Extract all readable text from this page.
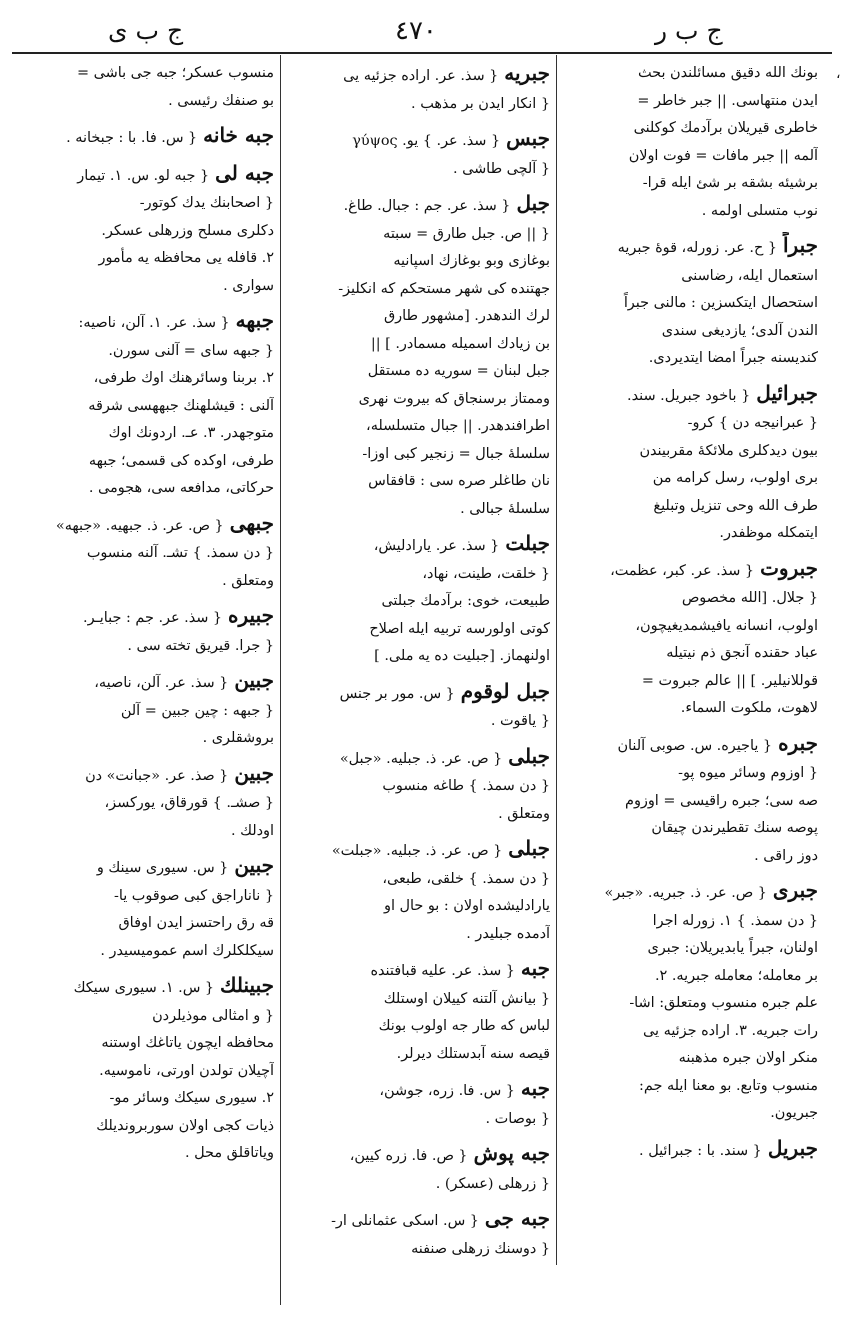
ج ب ى	٤٧٠	ج ب ر
،
بونك الله دقيق مسائلندن بحث
ايدن منتهاسى. || جبر خاطر =
خاطرى قيريلان برآدمك كوكلنى
آلمه || جبر مافات = فوت اولان
برشيئه بشقه بر شئ ايله قرا-
نوب متسلى اولمه .
جبراً{ ح. عر. زورله، قوهٔ جبريه
استعمال ايله، رضاسنى
استحصال ايتكسزين : مالنى جبراً
الندن آلدى؛ يازديغى سندى
كنديسنه جبراً امضا ايتديردى.
جبرائيل{ باخود جبريل. سند.
{ عبرانيجه دن } كرو-
بيون ديدكلرى ملائكهٔ مقربيندن
برى اولوب، رسل كرامه من
طرف الله وحى تنزيل وتبليغ
ايتمكله موظفدر.
جبروت{ سذ. عر. كبر، عظمت،
{ جلال. [الله مخصوص
اولوب، انسانه يافيشمديغيچون،
عباد حقنده آنجق ذم نيتيله
قوللانيلير. ] || عالم جبروت =
لاهوت، ملكوت السماء.
جبره{ ياجيره. س. صوبى آلنان
{ اوزوم وسائر ميوه پو-
صه سى؛ جبره راقيسى = اوزوم
پوصه سنك تقطيرندن چيقان
دوز راقى .
جبرى{ ص. عر. ذ. جبريه. «جبر»
{ دن سمذ. } ١. زورله اجرا
اولنان، جبراً يابديريلان: جبرى
بر معامله؛ معامله جبريه. ٢.
علم جبره منسوب ومتعلق: اشا-
رات جبريه. ٣. اراده جزئيه يى
منكر اولان جبره مذهبنه
منسوب وتابع. بو معنا ايله جم:
جبريون.
جبريل{ سند. با : جبرائيل .
جبريه{ سذ. عر. اراده جزئيه يى
{ انكار ايدن بر مذهب .
جبس{ سذ. عر. } يو. γύψος
{ آلچى طاشى .
جبل{ سذ. عر. جم : جبال. طاغ.
{ || ص. جبل طارق = سبته
بوغازى وبو بوغازك اسپانيه
جهتنده كى شهر مستحكم كه انكليز-
لرك الندهدر. [مشهور طارق
بن زيادك اسميله مسمادر. ] ||
جبل لبنان = سوريه ده مستقل
وممتاز برسنجاق كه بيروت نهرى
اطرافندهدر. || جبال متسلسله،
سلسلهٔ جبال = زنجير كبى اوزا-
نان طاغلر صره سى : قافقاس
سلسلهٔ جبالى .
جبلت{ سذ. عر. يارادليش،
{ خلقت، طينت، نهاد،
طبيعت، خوى: برآدمك جبلتى
كوتى اولورسه تربيه ايله اصلاح
اولنهماز. [جبليت ده يه ملى. ]
جبل لوقوم{ س. مور بر جنس
{ ياقوت .
جبلى{ ص. عر. ذ. جبليه. «جبل»
{ دن سمذ. } طاغه منسوب
ومتعلق .
جبلى{ ص. عر. ذ. جبليه. «جبلت»
{ دن سمذ. } خلقى، طبعى،
يارادليشده اولان : بو حال او
آدمده جبليدر .
جبه{ سذ. عر. عليه قبافتنده
{ بيانش آلتنه كييلان اوستلك
لباس كه طار جه اولوب بونك
قيصه سنه آبدستلك ديرلر.
جبه{ س. فا. زره، جوشن،
{ بوصات .
جبه پوش{ ص. فا. زره كيين،
{ زرهلى (عسكر) .
جبه جى{ س. اسكى عثمانلى ار-
{ دوسنك زرهلى صنفنه
منسوب عسكر؛ جبه جى باشى =
بو صنفك رئيسى .
جبه خانه{ س. فا. با : جبخانه .
جبه لى{ جبه لو. س. ١. تيمار
{ اصحابنك يدك كوتور-
دكلرى مسلح وزرهلى عسكر.
٢. قافله يى محافظه يه مأمور
سوارى .
جبهه{ سذ. عر. ١. آلن، ناصيه:
{ جبهه ساى = آلنى سورن.
٢. بربنا وسائرهنك اوك طرفى،
آلنى : قيشلهنك جبههسى شرقه
متوجهدر. ٣. عـ. اردونك اوك
طرفى، اوكده كى قسمى؛ جبهه
حركاتى، مدافعه سى، هجومى .
جبهى{ ص. عر. ذ. جبهيه. «جبهه»
{ دن سمذ. } تشـ. آلنه منسوب
ومتعلق .
جبيره{ سذ. عر. جم : جبايـر.
{ جرا. قيريق تخته سى .
جبين{ سذ. عر. آلن، ناصيه،
{ جبهه : چين جبين = آلن
بروشقلرى .
جبين{ صذ. عر. «جبانت» دن
{ صشـ. } قورقاق، يوركسز،
اودلك .
جبين{ س. سيورى سينك و
{ ناناراجق كبى صوقوب يا-
قه رق راحتسز ايدن اوفاق
سيكلكلرك اسم عموميسيدر .
جبينلك{ س. ١. سيورى سيكك
{ و امثالى موذيلردن
محافظه ايچون ياتاغك اوستنه
آچيلان تولدن اورتى، ناموسيه.
٢. سيورى سيكك وسائر مو-
ذيات كجى اولان سوربرونديلك
وياتاقلق محل .
